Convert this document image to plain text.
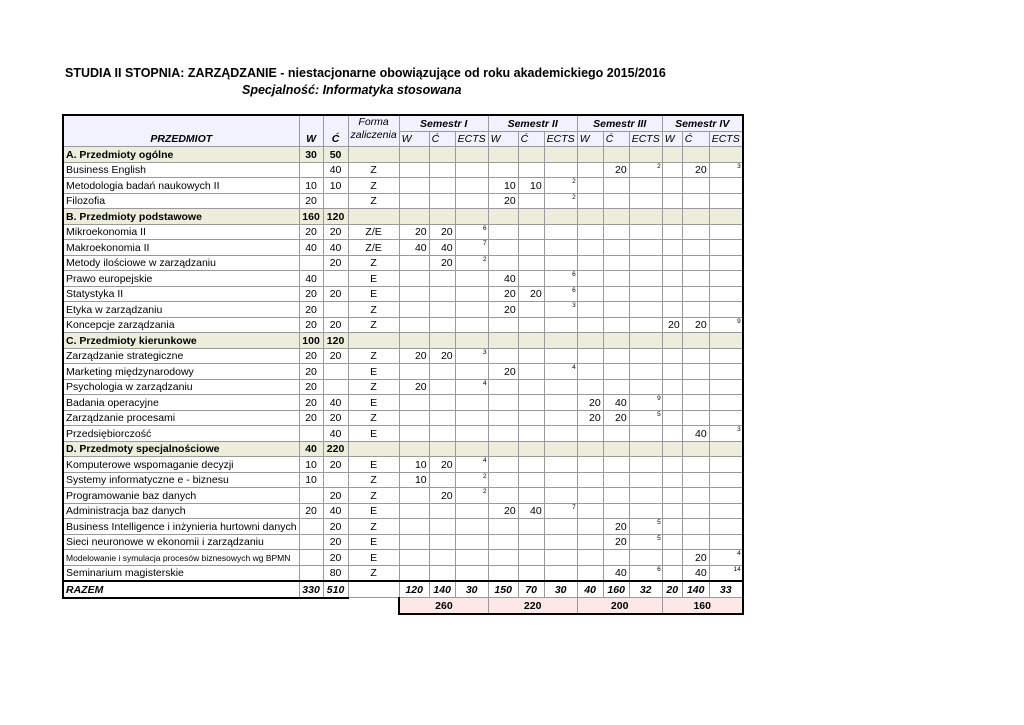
STUDIA II STOPNIA: ZARZĄDZANIE - niestacjonarne obowiązujące od roku akademickiego 2015/2016
Specjalność: Informatyka stosowana
PRZEDMIOT	W	Ć	Forma zaliczenia	Semestr I			Semestr II			Semestr III			Semestr IV		
				W	Ć	ECTS	W	Ć	ECTS	W	Ć	ECTS	W	Ć	ECTS
A. Przedmioty ogólne	30	50													
Business English		40	Z								20	2		20	3

Metodologia badań naukowych II	10	10	Z				10	10	2						

Filozofia	20		Z				20		2						

B. Przedmioty podstawowe	160	120													
Mikroekonomia II	20	20	Z/E	20	20	6									

Makroekonomia II	40	40	Z/E	40	40	7									

Metody ilościowe w zarządzaniu		20	Z		20	2									

Prawo europejskie	40		E				40		6						

Statystyka II	20	20	E				20	20	6						

Etyka w zarządzaniu	20		Z				20		3						

Koncepcje zarządzania	20	20	Z										20	20	9

C. Przedmioty kierunkowe	100	120													
Zarządzanie strategiczne	20	20	Z	20	20	3									

Marketing międzynarodowy	20		E				20		4						

Psychologia w zarządzaniu	20		Z	20		4									

Badania operacyjne	20	40	E							20	40	9			

Zarządzanie procesami	20	20	Z							20	20	5			

Przedsiębiorczość		40	E											40	3

D. Przedmoty specjalnościowe	40	220													
Komputerowe wspomaganie decyzji	10	20	E	10	20	4									

Systemy informatyczne e - biznesu	10		Z	10		2									

Programowanie baz danych		20	Z		20	2									

Administracja baz danych	20	40	E				20	40	7						

Business Intelligence i inżynieria hurtowni danych		20	Z								20	5			

Sieci neuronowe w ekonomii i zarządzaniu		20	E								20	5			

Modelowanie i symulacja procesów biznesowych wg BPMN		20	E											20	4

Seminarium magisterskie		80	Z								40	6		40	14

RAZEM	330	510		120	140	30	150	70	30	40	160	32	20	140	33
				260			220			200			160		
